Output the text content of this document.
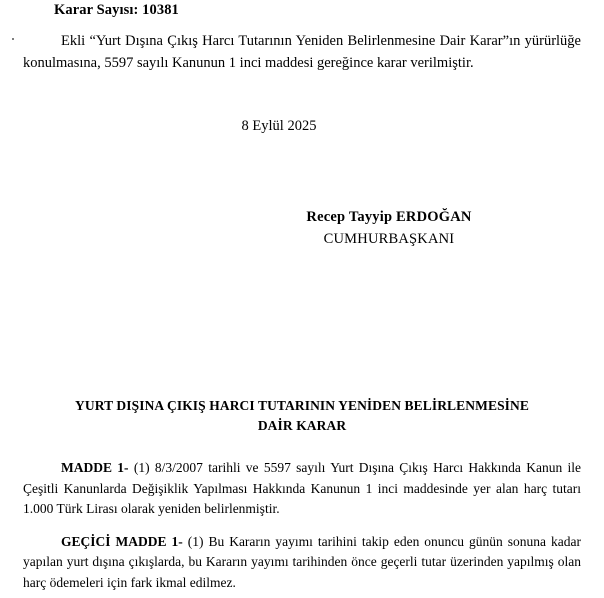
Karar Sayısı: 10381

Ekli “Yurt Dışına Çıkış Harcı Tutarının Yeniden Belirlenmesine Dair Karar”ın yürürlüğe konulmasına, 5597 sayılı Kanunun 1 inci maddesi gereğince karar verilmiştir.

8 Eylül 2025
Recep Tayyip ERDOĞAN
CUMHURBAŞKANI
YURT DIŞINA ÇIKIŞ HARCI TUTARININ YENİDEN BELİRLENMESİNE
DAİR KARAR

MADDE 1- (1) 8/3/2007 tarihli ve 5597 sayılı Yurt Dışına Çıkış Harcı Hakkında Kanun ile Çeşitli Kanunlarda Değişiklik Yapılması Hakkında Kanunun 1 inci maddesinde yer alan harç tutarı 1.000 Türk Lirası olarak yeniden belirlenmiştir.

GEÇİCİ MADDE 1- (1) Bu Kararın yayımı tarihini takip eden onuncu günün sonuna kadar yapılan yurt dışına çıkışlarda, bu Kararın yayımı tarihinden önce geçerli tutar üzerinden yapılmış olan harç ödemeleri için fark ikmal edilmez.
